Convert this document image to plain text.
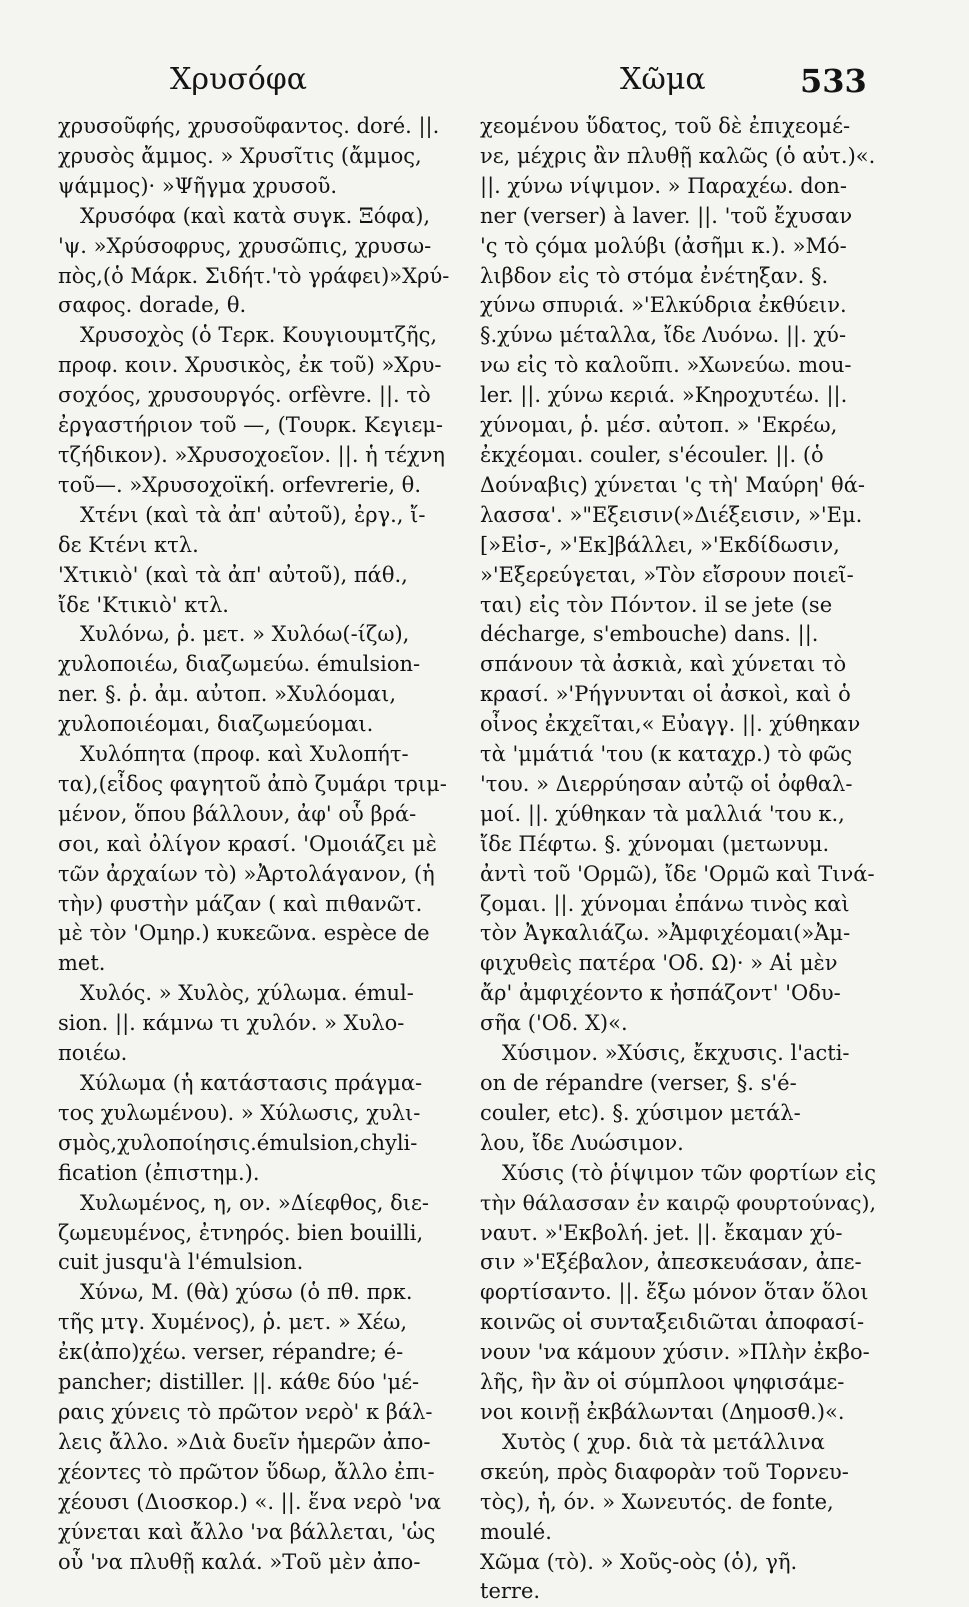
Χρυσόφα	Χῶμα	533
χρυσοῦφής, χρυσοῦφαντος. doré. ||.
χρυσὸς ἄμμος. » Χρυσῖτις (ἄμμος,
ψάμμος)· »Ψῆγμα χρυσοῦ.
Χρυσόφα (καὶ κατὰ συγκ. Ξόφα),
'ψ. »Χρύσοφρυς, χρυσῶπις, χρυσω-
πὸς,(ὁ Μάρκ. Σιδήτ.'τὸ γράφει)»Χρύ-
σαφος. dorade, θ.
Χρυσοχὸς (ὁ Τερκ. Κουγιουμτζῆς,
προφ. κοιν. Χρυσικὸς, ἐκ τοῦ) »Χρυ-
σοχόος, χρυσουργός. orfèvre. ||. τὸ
ἐργαστήριον τοῦ —, (Τουρκ. Κεγιεμ-
τζήδικον). »Χρυσοχοεῖον. ||. ἡ τέχνη
τοῦ—. »Χρυσοχοϊκή. orfevrerie, θ.
Χτένι (καὶ τὰ ἀπ' αὐτοῦ), ἐργ., ἴ-
δε Κτένι κτλ.
'Χτικιὸ' (καὶ τὰ ἀπ' αὐτοῦ), πάθ.,
ἴδε 'Κτικιὸ' κτλ.
Χυλόνω, ῥ. μετ. » Χυλόω(-ίζω),
χυλοποιέω, διαζωμεύω. émulsion-
ner. §. ῥ. ἀμ. αὐτοπ. »Χυλόομαι,
χυλοποιέομαι, διαζωμεύομαι.
Χυλόπητα (προφ. καὶ Χυλοπήτ-
τα),(εἶδος φαγητοῦ ἀπὸ ζυμάρι τριμ-
μένον, ὅπου βάλλουν, ἀφ' οὗ βρά-
σοι, καὶ ὀλίγον κρασί. 'Ομοιάζει μὲ
τῶν ἀρχαίων τὸ) »Ἀρτολάγανον, (ἡ
τὴν) φυστὴν μάζαν ( καὶ πιθανῶτ.
μὲ τὸν 'Ομηρ.) κυκεῶνα. espèce de
met.
Χυλός. » Χυλὸς, χύλωμα. émul-
sion. ||. κάμνω τι χυλόν. » Χυλο-
ποιέω.
Χύλωμα (ἡ κατάστασις πράγμα-
τος χυλωμένου). » Χύλωσις, χυλι-
σμὸς,χυλοποίησις.émulsion,chyli-
fication (ἐπιστημ.).
Χυλωμένος, η, ον. »Δίεφθος, διε-
ζωμευμένος, ἐτνηρός. bien bouilli,
cuit jusqu'à l'émulsion.
Χύνω, Μ. (θὰ) χύσω (ὁ πθ. πρκ.
τῆς μτγ. Χυμένος), ῥ. μετ. » Χέω,
ἐκ(ἀπο)χέω. verser, répandre; é-
pancher; distiller. ||. κάθε δύο 'μέ-
ραις χύνεις τὸ πρῶτον νερὸ' κ βάλ-
λεις ἄλλο. »Διὰ δυεῖν ἡμερῶν ἀπο-
χέοντες τὸ πρῶτον ὕδωρ, ἄλλο ἐπι-
χέουσι (Διοσκορ.) «. ||. ἕνα νερὸ 'να
χύνεται καὶ ἄλλο 'να βάλλεται, 'ὡς
οὗ 'να πλυθῇ καλά. »Τοῦ μὲν ἀπο-
χεομένου ὕδατος, τοῦ δὲ ἐπιχεομέ-
νε, μέχρις ἂν πλυθῇ καλῶς (ὁ αὐτ.)«.
||. χύνω νίψιμον. » Παραχέω. don-
ner (verser) à laver. ||. 'τοῦ ἔχυσαν
'ς τὸ ςόμα μολύβι (ἀσῆμι κ.). »Μό-
λιβδον εἰς τὸ στόμα ἐνέτηξαν. §.
χύνω σπυριά. »'Ελκύδρια ἐκθύειν.
§.χύνω μέταλλα, ἴδε Λυόνω. ||. χύ-
νω εἰς τὸ καλοῦπι. »Χωνεύω. mou-
ler. ||. χύνω κεριά. »Κηροχυτέω. ||.
χύνομαι, ῥ. μέσ. αὐτοπ. » 'Εκρέω,
ἐκχέομαι. couler, s'écouler. ||. (ὁ
Δούναβις) χύνεται 'ς τὴ' Μαύρη' θά-
λασσα'. »"Εξεισιν(»Διέξεισιν, »'Εμ.
[»Εἰσ-, »'Εκ]βάλλει, »'Εκδίδωσιν,
»'Εξερεύγεται, »Τὸν εἴσρουν ποιεῖ-
ται) εἰς τὸν Πόντον. il se jete (se
décharge, s'embouche) dans. ||.
σπάνουν τὰ ἀσκιὰ, καὶ χύνεται τὸ
κρασί. »'Ρήγνυνται οἱ ἀσκοὶ, καὶ ὁ
οἶνος ἐκχεῖται,« Εὐαγγ. ||. χύθηκαν
τὰ 'μμάτιά 'του (κ καταχρ.) τὸ φῶς
'του. » Διερρύησαν αὐτῷ οἱ ὀφθαλ-
μοί. ||. χύθηκαν τὰ μαλλιά 'του κ.,
ἴδε Πέφτω. §. χύνομαι (μετωνυμ.
ἀντὶ τοῦ 'Ορμῶ), ἴδε 'Ορμῶ καὶ Τινά-
ζομαι. ||. χύνομαι ἐπάνω τινὸς καὶ
τὸν Ἀγκαλιάζω. »Ἀμφιχέομαι(»Ἀμ-
φιχυθεὶς πατέρα 'Οδ. Ω)· » Αἱ μὲν
ἄρ' ἀμφιχέοντο κ ἠσπάζοντ' 'Οδυ-
σῆα ('Οδ. Χ)«.
Χύσιμον. »Χύσις, ἔκχυσις. l'acti-
on de répandre (verser, §. s'é-
couler, etc). §. χύσιμον μετάλ-
λου, ἴδε Λυώσιμον.
Χύσις (τὸ ῥίψιμον τῶν φορτίων εἰς
τὴν θάλασσαν ἐν καιρῷ φουρτούνας),
ναυτ. »'Εκβολή. jet. ||. ἔκαμαν χύ-
σιν »'Εξέβαλον, ἀπεσκευάσαν, ἀπε-
φορτίσαντο. ||. ἔξω μόνον ὅταν ὅλοι
κοινῶς οἱ συνταξειδιῶται ἀποφασί-
νουν 'να κάμουν χύσιν. »Πλὴν ἐκβο-
λῆς, ἣν ἂν οἱ σύμπλοοι ψηφισάμε-
νοι κοινῇ ἐκβάλωνται (Δημοσθ.)«.
Χυτὸς ( χυρ. διὰ τὰ μετάλλινα
σκεύη, πρὸς διαφορὰν τοῦ Τορνευ-
τὸς), ἡ, όν. » Χωνευτός. de fonte,
moulé.
Χῶμα (τὸ). » Χοῦς-οὸς (ὁ), γῆ.
terre.
